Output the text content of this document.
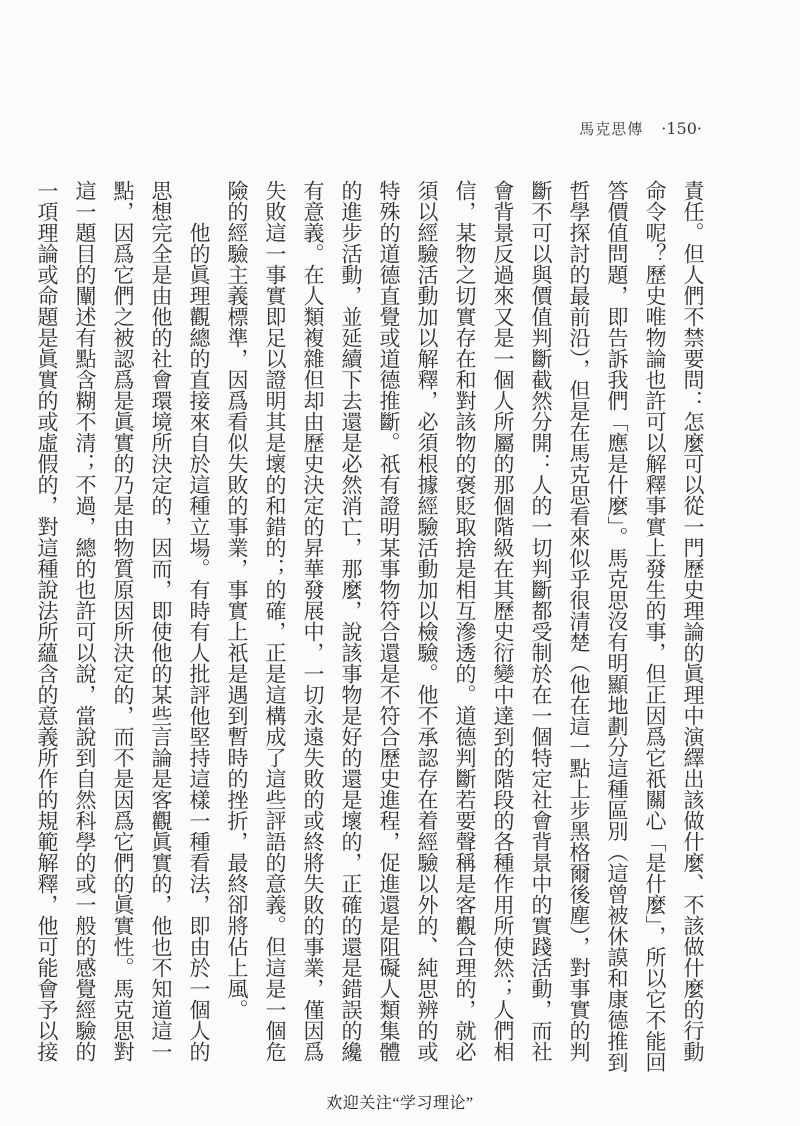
馬克思傳 ·150·

責任。但人們不禁要問：怎麼可以從一門歷史理論的眞理中演繹出該做什麼、不該做什麼的行動

命令呢？歷史唯物論也許可以解釋事實上發生的事，但正因爲它祇關心「是什麼」，所以它不能回

答價值問題，即告訴我們「應是什麼」。馬克思沒有明顯地劃分這種區別（這曾被休謨和康德推到

哲學探討的最前沿），但是在馬克思看來似乎很清楚（他在這一點上步黑格爾後塵），對事實的判

斷不可以與價值判斷截然分開：人的一切判斷都受制於在一個特定社會背景中的實踐活動，而社

會背景反過來又是一個人所屬的那個階級在其歷史衍變中達到的階段的各種作用所使然；人們相

信，某物之切實存在和對該物的褒貶取捨是相互滲透的。道德判斷若要聲稱是客觀合理的，就必

須以經驗活動加以解釋，必須根據經驗活動加以檢驗。他不承認存在着經驗以外的、純思辨的或

特殊的道德直覺或道德推斷。祇有證明某事物符合還是不符合歷史進程，促進還是阻礙人類集體

的進步活動，並延續下去還是必然消亡，那麼，說該事物是好的還是壞的，正確的還是錯誤的纔

有意義。在人類複雜但却由歷史決定的昇華發展中，一切永遠失敗的或終將失敗的事業，僅因爲

失敗這一事實即足以證明其是壞的和錯的；的確，正是這構成了這些評語的意義。但這是一個危

險的經驗主義標準，因爲看似失敗的事業，事實上祇是遇到暫時的挫折，最終卻將佔上風。

　　他的眞理觀總的直接來自於這種立場。有時有人批評他堅持這樣一種看法，即由於一個人的

思想完全是由他的社會環境所決定的，因而，即使他的某些言論是客觀眞實的，他也不知道這一

點，因爲它們之被認爲是眞實的乃是由物質原因所決定的，而不是因爲它們的眞實性。馬克思對

這一題目的闡述有點含糊不清；不過，總的也許可以說，當說到自然科學的或一般的感覺經驗的

一項理論或命題是眞實的或虛假的，對這種說法所蘊含的意義所作的規範解釋，他可能會予以接

欢迎关注“学习理论”
